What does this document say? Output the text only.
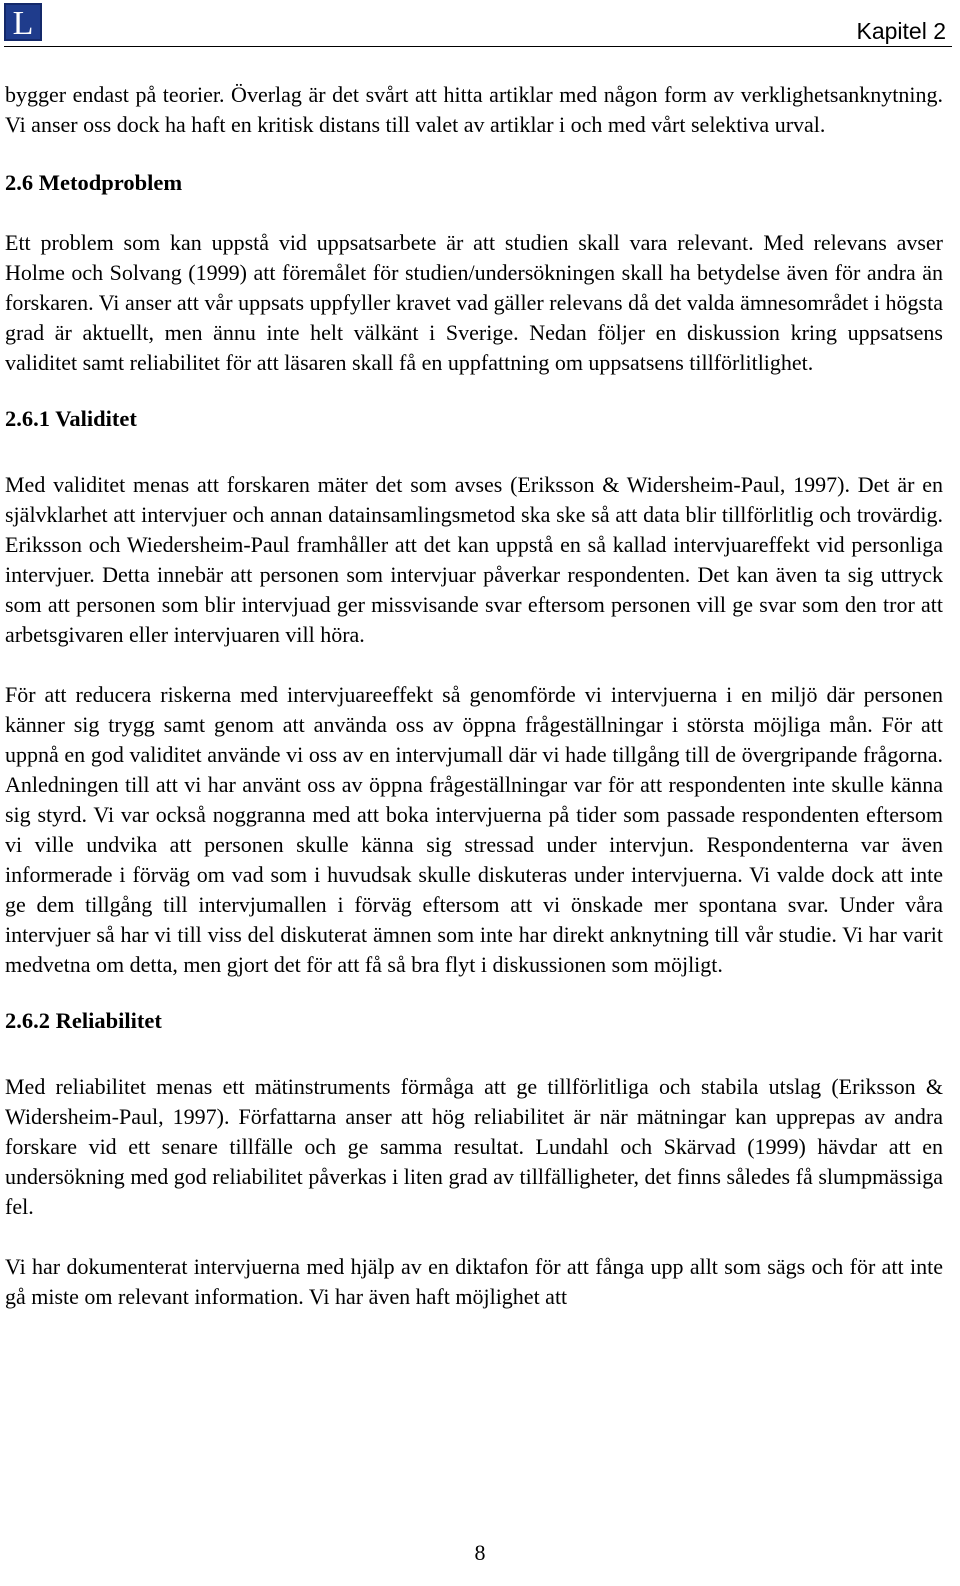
L	Kapitel 2

bygger endast på teorier. Överlag är det svårt att hitta artiklar med någon form av verklighetsanknytning. Vi anser oss dock ha haft en kritisk distans till valet av artiklar i och med vårt selektiva urval.

2.6 Metodproblem

Ett problem som kan uppstå vid uppsatsarbete är att studien skall vara relevant. Med relevans avser Holme och Solvang (1999) att föremålet för studien/undersökningen skall ha betydelse även för andra än forskaren. Vi anser att vår uppsats uppfyller kravet vad gäller relevans då det valda ämnesområdet i högsta grad är aktuellt, men ännu inte helt välkänt i Sverige. Nedan följer en diskussion kring uppsatsens validitet samt reliabilitet för att läsaren skall få en uppfattning om uppsatsens tillförlitlighet.

2.6.1 Validitet

Med validitet menas att forskaren mäter det som avses (Eriksson & Widersheim-Paul, 1997). Det är en självklarhet att intervjuer och annan datainsamlingsmetod ska ske så att data blir tillförlitlig och trovärdig. Eriksson och Wiedersheim-Paul framhåller att det kan uppstå en så kallad intervjuareffekt vid personliga intervjuer. Detta innebär att personen som intervjuar påverkar respondenten. Det kan även ta sig uttryck som att personen som blir intervjuad ger missvisande svar eftersom personen vill ge svar som den tror att arbetsgivaren eller intervjuaren vill höra.

För att reducera riskerna med intervjuareeffekt så genomförde vi intervjuerna i en miljö där personen känner sig trygg samt genom att använda oss av öppna frågeställningar i största möjliga mån. För att uppnå en god validitet använde vi oss av en intervjumall där vi hade tillgång till de övergripande frågorna. Anledningen till att vi har använt oss av öppna frågeställningar var för att respondenten inte skulle känna sig styrd. Vi var också noggranna med att boka intervjuerna på tider som passade respondenten eftersom vi ville undvika att personen skulle känna sig stressad under intervjun. Respondenterna var även informerade i förväg om vad som i huvudsak skulle diskuteras under intervjuerna. Vi valde dock att inte ge dem tillgång till intervjumallen i förväg eftersom att vi önskade mer spontana svar. Under våra intervjuer så har vi till viss del diskuterat ämnen som inte har direkt anknytning till vår studie. Vi har varit medvetna om detta, men gjort det för att få så bra flyt i diskussionen som möjligt.

2.6.2 Reliabilitet

Med reliabilitet menas ett mätinstruments förmåga att ge tillförlitliga och stabila utslag (Eriksson & Widersheim-Paul, 1997). Författarna anser att hög reliabilitet är när mätningar kan upprepas av andra forskare vid ett senare tillfälle och ge samma resultat. Lundahl och Skärvad (1999) hävdar att en undersökning med god reliabilitet påverkas i liten grad av tillfälligheter, det finns således få slumpmässiga fel.

Vi har dokumenterat intervjuerna med hjälp av en diktafon för att fånga upp allt som sägs och för att inte gå miste om relevant information. Vi har även haft möjlighet att

8
